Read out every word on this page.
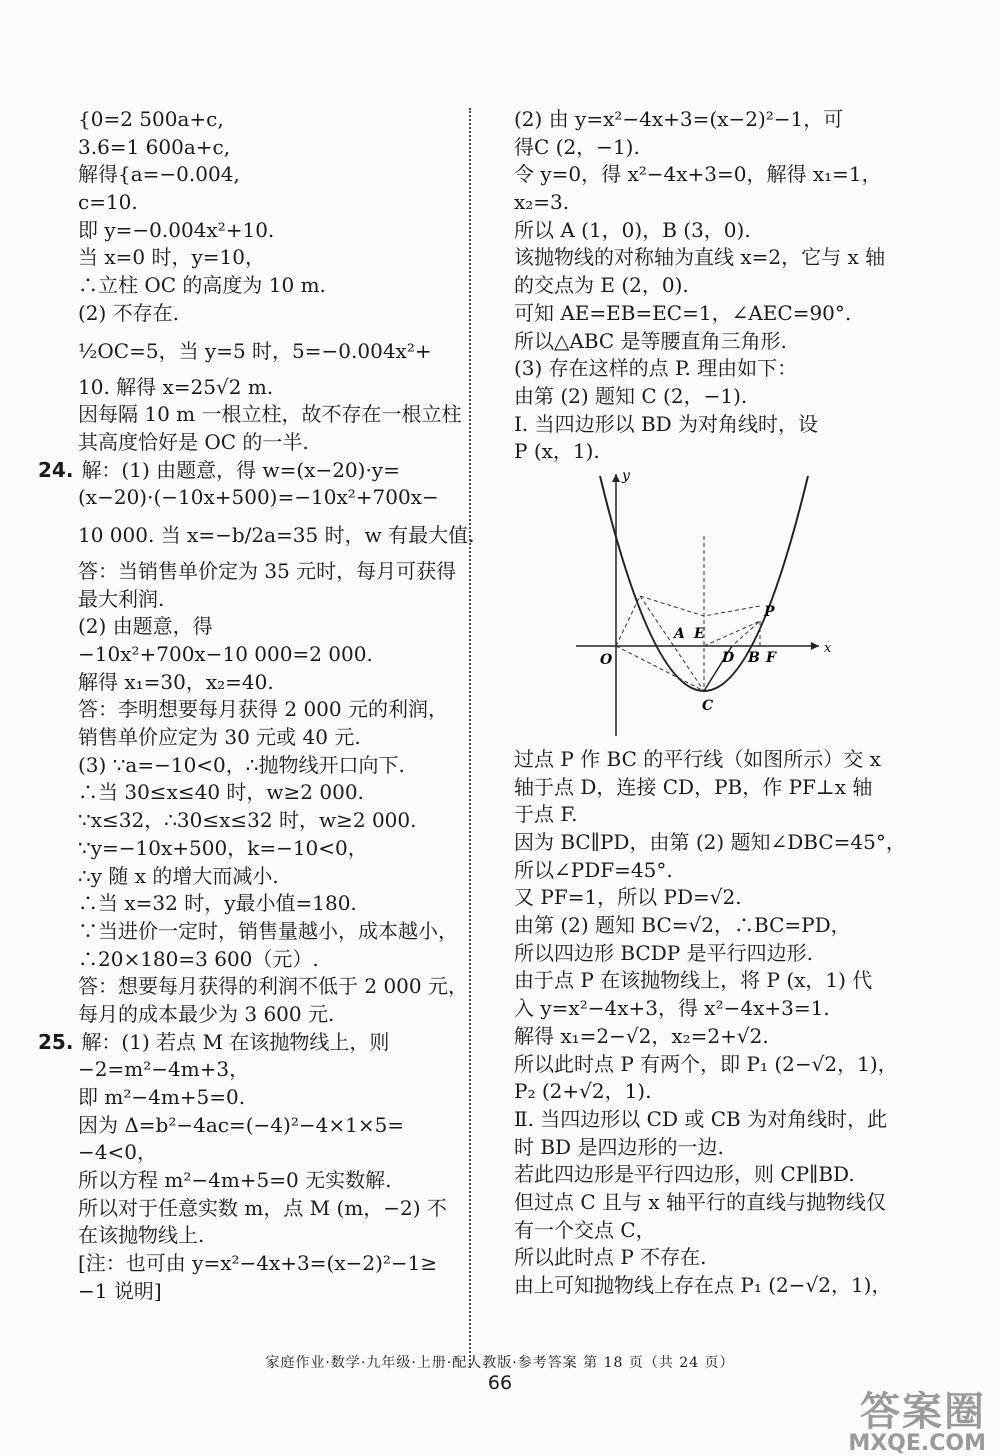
{0=2 500a+c,
3.6=1 600a+c,
解得{a=−0.004,
c=10.
即 y=−0.004x²+10.
当 x=0 时，y=10，
∴立柱 OC 的高度为 10 m.
(2) 不存在.
½OC=5，当 y=5 时，5=−0.004x²+
10. 解得 x=25√2 m.
因每隔 10 m 一根立柱，故不存在一根立柱
其高度恰好是 OC 的一半.
24. 解：(1) 由题意，得 w=(x−20)·y=
(x−20)·(−10x+500)=−10x²+700x−
10 000. 当 x=−b/2a=35 时，w 有最大值.
答：当销售单价定为 35 元时，每月可获得
最大利润.
(2) 由题意，得
−10x²+700x−10 000=2 000.
解得 x₁=30，x₂=40.
答：李明想要每月获得 2 000 元的利润，
销售单价应定为 30 元或 40 元.
(3) ∵a=−10<0，∴抛物线开口向下.
∴当 30≤x≤40 时，w≥2 000.
∵x≤32，∴30≤x≤32 时，w≥2 000.
∵y=−10x+500，k=−10<0，
∴y 随 x 的增大而减小.
∴当 x=32 时，y最小值=180.
∵当进价一定时，销售量越小，成本越小，
∴20×180=3 600（元）.
答：想要每月获得的利润不低于 2 000 元，
每月的成本最少为 3 600 元.
25. 解：(1) 若点 M 在该抛物线上，则
−2=m²−4m+3，
即 m²−4m+5=0.
因为 Δ=b²−4ac=(−4)²−4×1×5=
−4<0，
所以方程 m²−4m+5=0 无实数解.
所以对于任意实数 m，点 M (m，−2) 不
在该抛物线上.
[注：也可由 y=x²−4x+3=(x−2)²−1≥
−1 说明]
(2) 由 y=x²−4x+3=(x−2)²−1，可
得C (2，−1).
令 y=0，得 x²−4x+3=0，解得 x₁=1，
x₂=3.
所以 A (1，0)，B (3，0).
该抛物线的对称轴为直线 x=2，它与 x 轴
的交点为 E (2，0).
可知 AE=EB=EC=1，∠AEC=90°.
所以△ABC 是等腰直角三角形.
(3) 存在这样的点 P. 理由如下：
由第 (2) 题知 C (2，−1).
Ⅰ. 当四边形以 BD 为对角线时，设
P (x，1).
y
x
O
A E
D B F
C
P
过点 P 作 BC 的平行线（如图所示）交 x
轴于点 D，连接 CD，PB，作 PF⊥x 轴
于点 F.
因为 BC∥PD，由第 (2) 题知∠DBC=45°，
所以∠PDF=45°.
又 PF=1，所以 PD=√2.
由第 (2) 题知 BC=√2，∴BC=PD，
所以四边形 BCDP 是平行四边形.
由于点 P 在该抛物线上，将 P (x，1) 代
入 y=x²−4x+3，得 x²−4x+3=1.
解得 x₁=2−√2，x₂=2+√2.
所以此时点 P 有两个，即 P₁ (2−√2，1)，
P₂ (2+√2，1).
Ⅱ. 当四边形以 CD 或 CB 为对角线时，此
时 BD 是四边形的一边.
若此四边形是平行四边形，则 CP∥BD.
但过点 C 且与 x 轴平行的直线与抛物线仅
有一个交点 C，
所以此时点 P 不存在.
由上可知抛物线上存在点 P₁ (2−√2，1)，
家庭作业·数学·九年级·上册·配人教版·参考答案 第 18 页（共 24 页）
66
答案圈
MXQE.COM
